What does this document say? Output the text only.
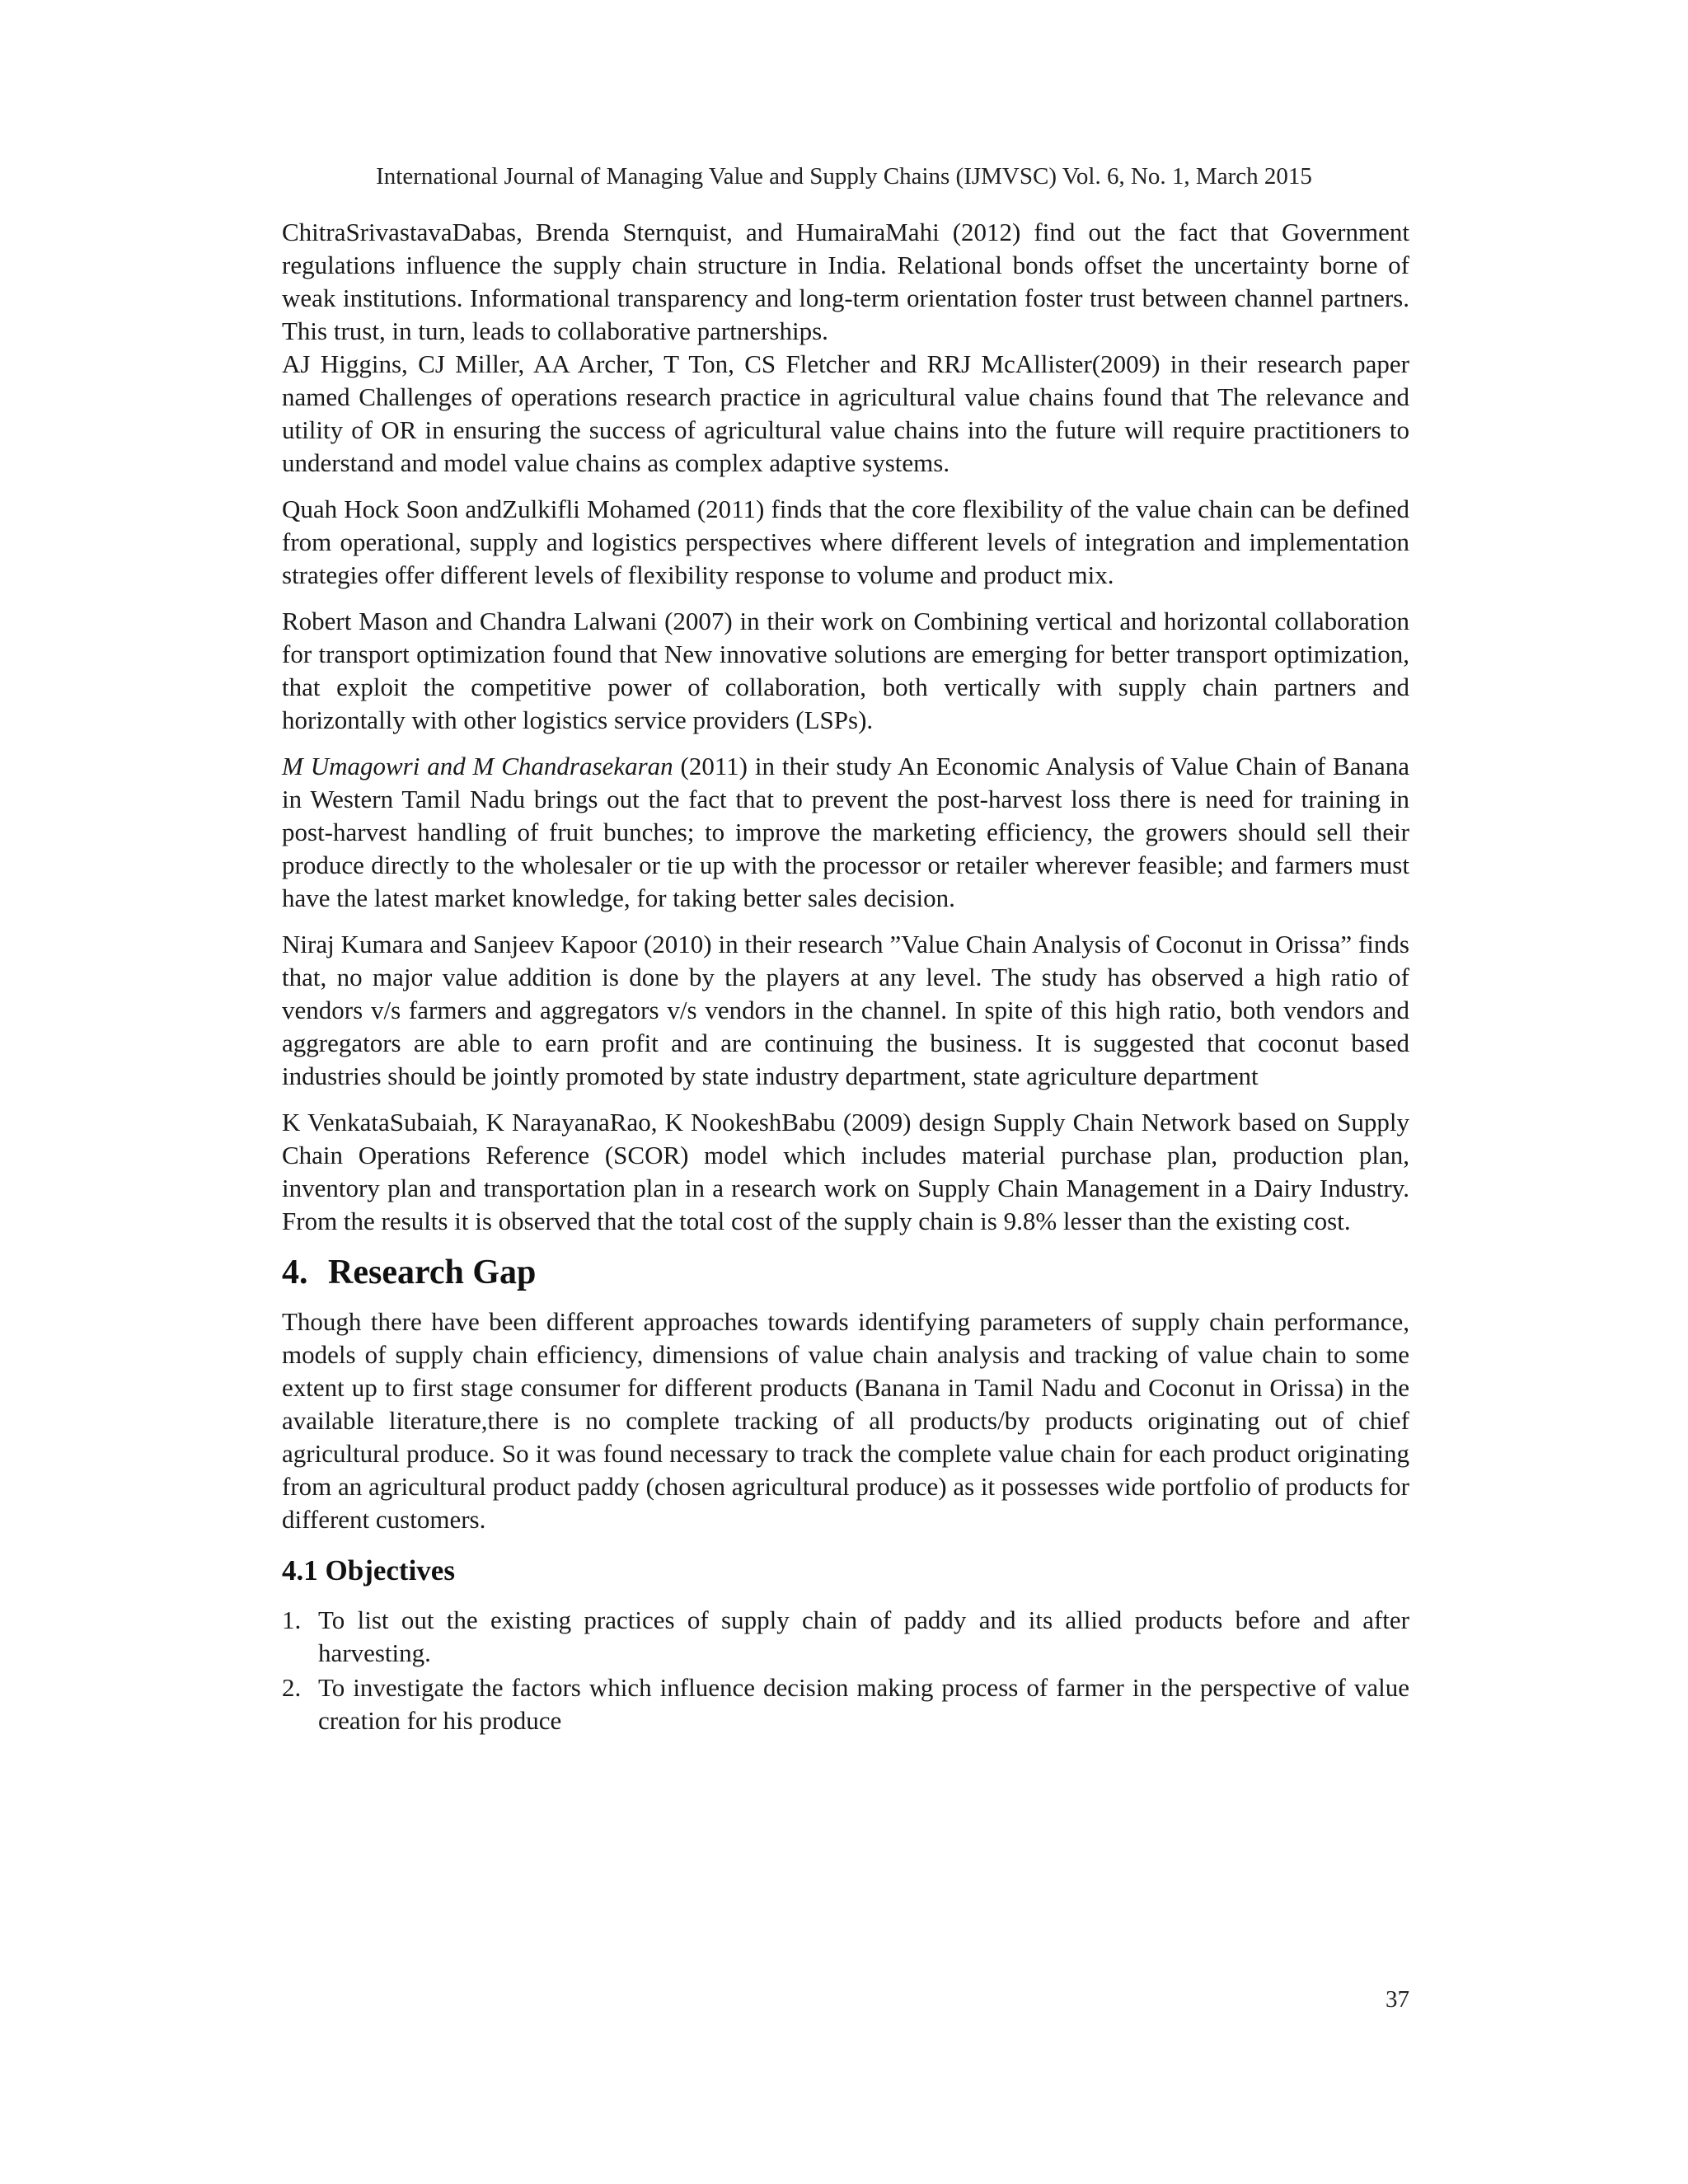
International Journal of Managing Value and Supply Chains (IJMVSC) Vol. 6, No. 1, March 2015

ChitraSrivastavaDabas, Brenda Sternquist, and HumairaMahi (2012) find out the fact that Government regulations influence the supply chain structure in India. Relational bonds offset the uncertainty borne of weak institutions. Informational transparency and long-term orientation foster trust between channel partners. This trust, in turn, leads to collaborative partnerships.

AJ Higgins, CJ Miller, AA Archer, T Ton, CS Fletcher and RRJ McAllister(2009) in their research paper named Challenges of operations research practice in agricultural value chains found that The relevance and utility of OR in ensuring the success of agricultural value chains into the future will require practitioners to understand and model value chains as complex adaptive systems.

Quah Hock Soon andZulkifli Mohamed (2011) finds that the core flexibility of the value chain can be defined from operational, supply and logistics perspectives where different levels of integration and implementation strategies offer different levels of flexibility response to volume and product mix.

Robert Mason and Chandra Lalwani (2007) in their work on Combining vertical and horizontal collaboration for transport optimization found that New innovative solutions are emerging for better transport optimization, that exploit the competitive power of collaboration, both vertically with supply chain partners and horizontally with other logistics service providers (LSPs).

M Umagowri and M Chandrasekaran (2011) in their study An Economic Analysis of Value Chain of Banana in Western Tamil Nadu brings out the fact that to prevent the post-harvest loss there is need for training in post-harvest handling of fruit bunches; to improve the marketing efficiency, the growers should sell their produce directly to the wholesaler or tie up with the processor or retailer wherever feasible; and farmers must have the latest market knowledge, for taking better sales decision.

Niraj Kumara and Sanjeev Kapoor (2010) in their research ”Value Chain Analysis of Coconut in Orissa” finds that, no major value addition is done by the players at any level. The study has observed a high ratio of vendors v/s farmers and aggregators v/s vendors in the channel. In spite of this high ratio, both vendors and aggregators are able to earn profit and are continuing the business. It is suggested that coconut based industries should be jointly promoted by state industry department, state agriculture department

K VenkataSubaiah, K NarayanaRao, K NookeshBabu (2009) design Supply Chain Network based on Supply Chain Operations Reference (SCOR) model which includes material purchase plan, production plan, inventory plan and transportation plan in a research work on Supply Chain Management in a Dairy Industry. From the results it is observed that the total cost of the supply chain is 9.8% lesser than the existing cost.

4. Research Gap

Though there have been different approaches towards identifying parameters of supply chain performance, models of supply chain efficiency, dimensions of value chain analysis and tracking of value chain to some extent up to first stage consumer for different products (Banana in Tamil Nadu and Coconut in Orissa) in the available literature,there is no complete tracking of all products/by products originating out of chief agricultural produce. So it was found necessary to track the complete value chain for each product originating from an agricultural product paddy (chosen agricultural produce) as it possesses wide portfolio of products for different customers.

4.1 Objectives
1. To list out the existing practices of supply chain of paddy and its allied products before and after harvesting.
2. To investigate the factors which influence decision making process of farmer in the perspective of value creation for his produce
37
